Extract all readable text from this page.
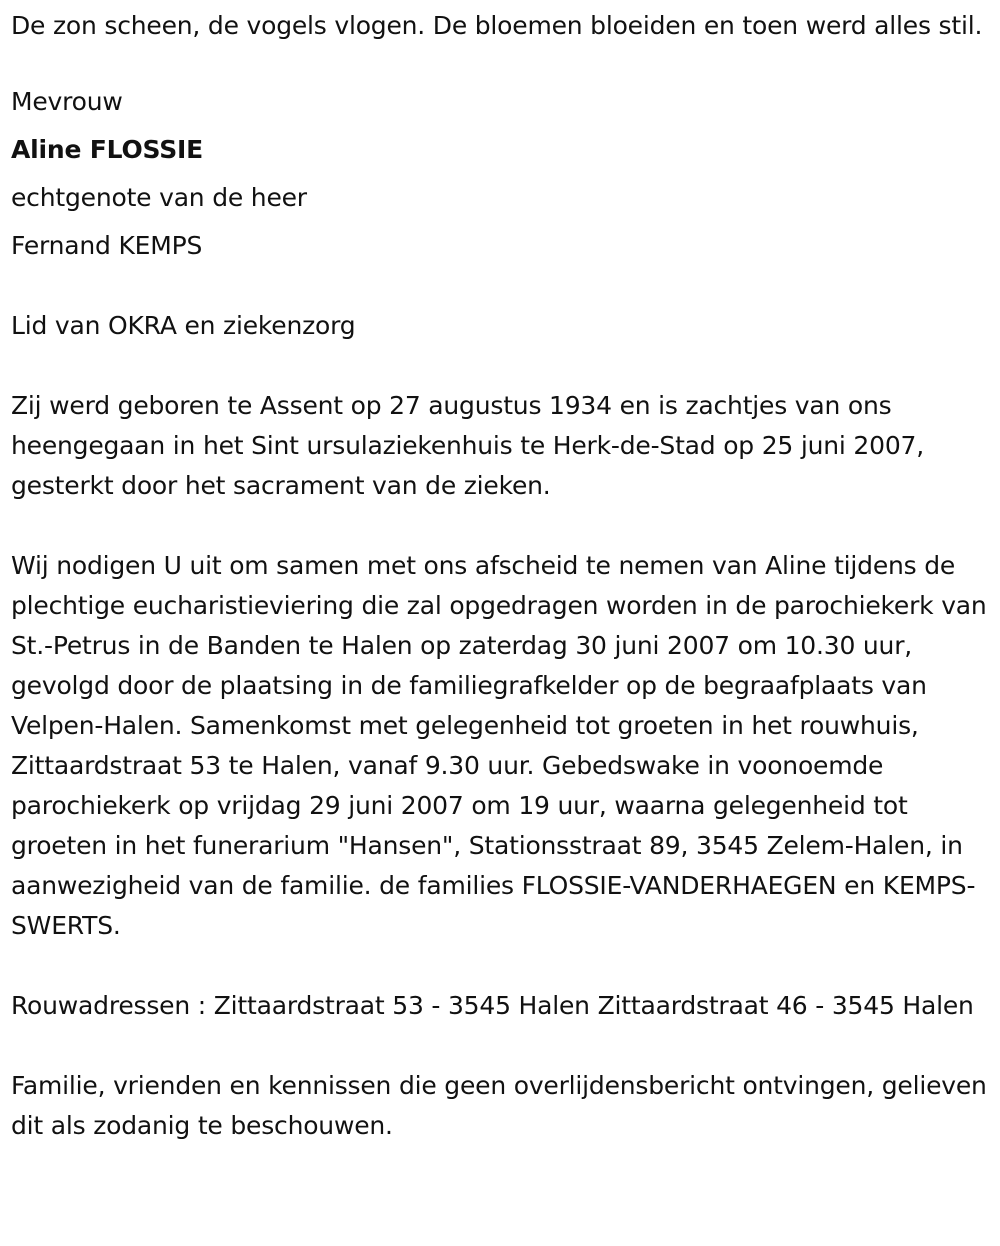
De zon scheen, de vogels vlogen. De bloemen bloeiden en toen werd alles stil.

Mevrouw

Aline FLOSSIE

echtgenote van de heer

Fernand KEMPS

Lid van OKRA en ziekenzorg

Zij werd geboren te Assent op 27 augustus 1934 en is zachtjes van ons heengegaan in het Sint ursulaziekenhuis te Herk-de-Stad op 25 juni 2007, gesterkt door het sacrament van de zieken.

Wij nodigen U uit om samen met ons afscheid te nemen van Aline tijdens de plechtige eucharistieviering die zal opgedragen worden in de parochiekerk van St.-Petrus in de Banden te Halen op zaterdag 30 juni 2007 om 10.30 uur, gevolgd door de plaatsing in de familiegrafkelder op de begraafplaats van Velpen-Halen. Samenkomst met gelegenheid tot groeten in het rouwhuis, Zittaardstraat 53 te Halen, vanaf 9.30 uur. Gebedswake in voonoemde parochiekerk op vrijdag 29 juni 2007 om 19 uur, waarna gelegenheid tot groeten in het funerarium "Hansen", Stationsstraat 89, 3545 Zelem-Halen, in aanwezigheid van de familie. de families FLOSSIE-VANDERHAEGEN en KEMPS-SWERTS.

Rouwadressen : Zittaardstraat 53 - 3545 Halen Zittaardstraat 46 - 3545 Halen

Familie, vrienden en kennissen die geen overlijdensbericht ontvingen, gelieven dit als zodanig te beschouwen.
